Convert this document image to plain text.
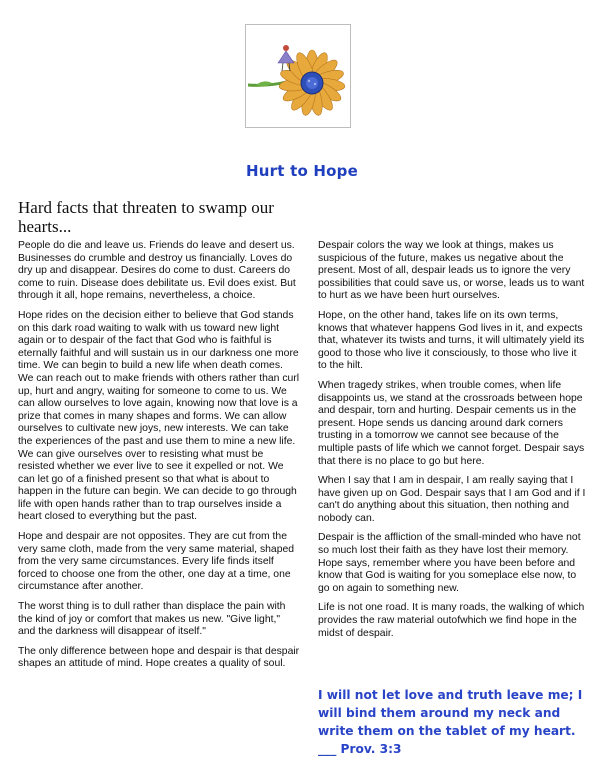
Hurt to Hope
Hard facts that threaten to swamp our hearts...

People do die and leave us. Friends do leave and desert us. Businesses do crumble and destroy us financially. Loves do dry up and disappear. Desires do come to dust. Careers do come to ruin. Disease does debilitate us. Evil does exist. But through it all, hope remains, nevertheless, a choice.

Hope rides on the decision either to believe that God stands on this dark road waiting to walk with us toward new light again or to despair of the fact that God who is faithful is eternally faithful and will sustain us in our darkness one more time. We can begin to build a new life when death comes. We can reach out to make friends with others rather than curl up, hurt and angry, waiting for someone to come to us. We can allow ourselves to love again, knowing now that love is a prize that comes in many shapes and forms. We can allow ourselves to cultivate new joys, new interests. We can take the experiences of the past and use them to mine a new life. We can give ourselves over to resisting what must be resisted whether we ever live to see it expelled or not. We can let go of a finished present so that what is about to happen in the future can begin. We can decide to go through life with open hands rather than to trap ourselves inside a heart closed to everything but the past.

Hope and despair are not opposites. They are cut from the very same cloth, made from the very same material, shaped from the very same circumstances. Every life finds itself forced to choose one from the other, one day at a time, one circumstance after another.

The worst thing is to dull rather than displace the pain with the kind of joy or comfort that makes us new. "Give light," and the darkness will disappear of itself."

The only difference between hope and despair is that despair shapes an attitude of mind. Hope creates a quality of soul.

Despair colors the way we look at things, makes us suspicious of the future, makes us negative about the present. Most of all, despair leads us to ignore the very possibilities that could save us, or worse, leads us to want to hurt as we have been hurt ourselves.

Hope, on the other hand, takes life on its own terms, knows that whatever happens God lives in it, and expects that, whatever its twists and turns, it will ultimately yield its good to those who live it consciously, to those who live it to the hilt.

When tragedy strikes, when trouble comes, when life disappoints us, we stand at the crossroads between hope and despair, torn and hurting. Despair cements us in the present. Hope sends us dancing around dark corners trusting in a tomorrow we cannot see because of the multiple pasts of life which we cannot forget. Despair says that there is no place to go but here.

When I say that I am in despair, I am really saying that I have given up on God. Despair says that I am God and if I can't do anything about this situation, then nothing and nobody can.

Despair is the affliction of the small-minded who have not so much lost their faith as they have lost their memory. Hope says, remember where you have been before and know that God is waiting for you someplace else now, to go on again to something new.

Life is not one road. It is many roads, the walking of which provides the raw material outofwhich we find hope in the midst of despair.

I will not let love and truth leave me; I will bind them around my neck and write them on the tablet of my heart. ___ Prov. 3:3
